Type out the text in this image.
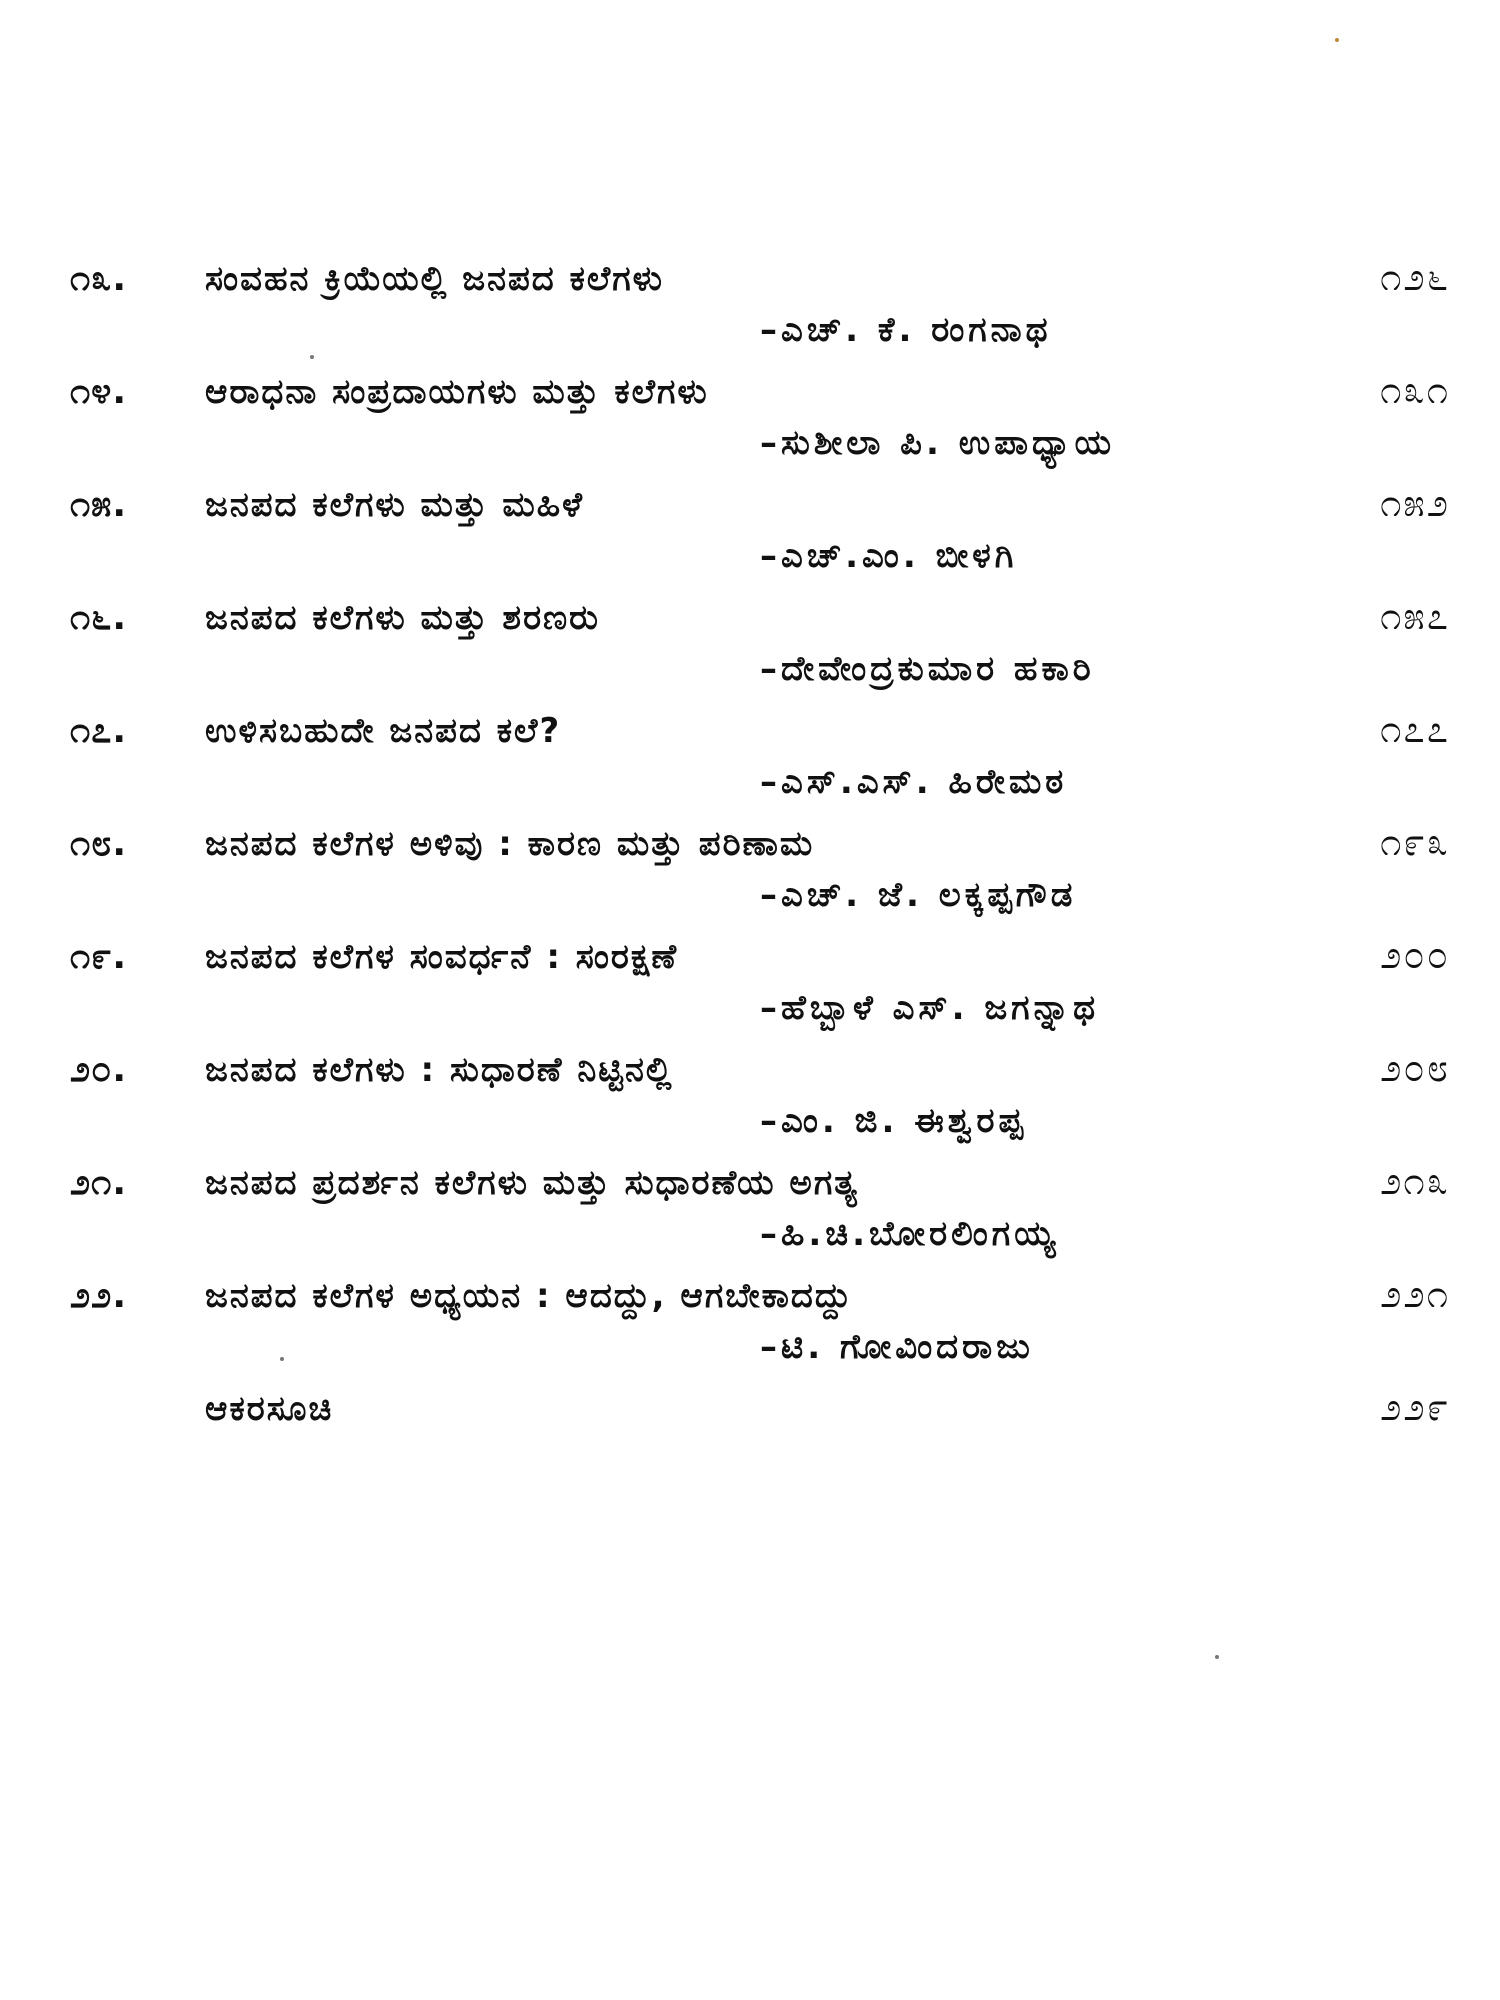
೧೩.	ಸಂವಹನ ಕ್ರಿಯೆಯಲ್ಲಿ ಜನಪದ ಕಲೆಗಳು	೧೨೬
–ಎಚ್. ಕೆ. ರಂಗನಾಥ
೧೪.	ಆರಾಧನಾ ಸಂಪ್ರದಾಯಗಳು ಮತ್ತು ಕಲೆಗಳು	೧೩೧
–ಸುಶೀಲಾ ಪಿ. ಉಪಾಧ್ಯಾಯ
೧೫.	ಜನಪದ ಕಲೆಗಳು ಮತ್ತು ಮಹಿಳೆ	೧೫೨
–ಎಚ್.ಎಂ. ಬೀಳಗಿ
೧೬.	ಜನಪದ ಕಲೆಗಳು ಮತ್ತು ಶರಣರು	೧೫೭
–ದೇವೇಂದ್ರಕುಮಾರ ಹಕಾರಿ
೧೭.	ಉಳಿಸಬಹುದೇ ಜನಪದ ಕಲೆ?	೧೭೭
–ಎಸ್.ಎಸ್. ಹಿರೇಮಠ
೧೮.	ಜನಪದ ಕಲೆಗಳ ಅಳಿವು : ಕಾರಣ ಮತ್ತು ಪರಿಣಾಮ	೧೯೩
–ಎಚ್. ಜೆ. ಲಕ್ಕಪ್ಪಗೌಡ
೧೯.	ಜನಪದ ಕಲೆಗಳ ಸಂವರ್ಧನೆ : ಸಂರಕ್ಷಣೆ	೨೦೦
–ಹೆಬ್ಬಾಳೆ ಎಸ್. ಜಗನ್ನಾಥ
೨೦.	ಜನಪದ ಕಲೆಗಳು : ಸುಧಾರಣೆ ನಿಟ್ಟಿನಲ್ಲಿ	೨೦೮
–ಎಂ. ಜಿ. ಈಶ್ವರಪ್ಪ
೨೧.	ಜನಪದ ಪ್ರದರ್ಶನ ಕಲೆಗಳು ಮತ್ತು ಸುಧಾರಣೆಯ ಅಗತ್ಯ	೨೧೩
–ಹಿ.ಚಿ.ಬೋರಲಿಂಗಯ್ಯ
೨೨.	ಜನಪದ ಕಲೆಗಳ ಅಧ್ಯಯನ : ಆದದ್ದು, ಆಗಬೇಕಾದದ್ದು	೨೨೧
–ಟಿ. ಗೋವಿಂದರಾಜು
ಆಕರಸೂಚಿ	೨೨೯
